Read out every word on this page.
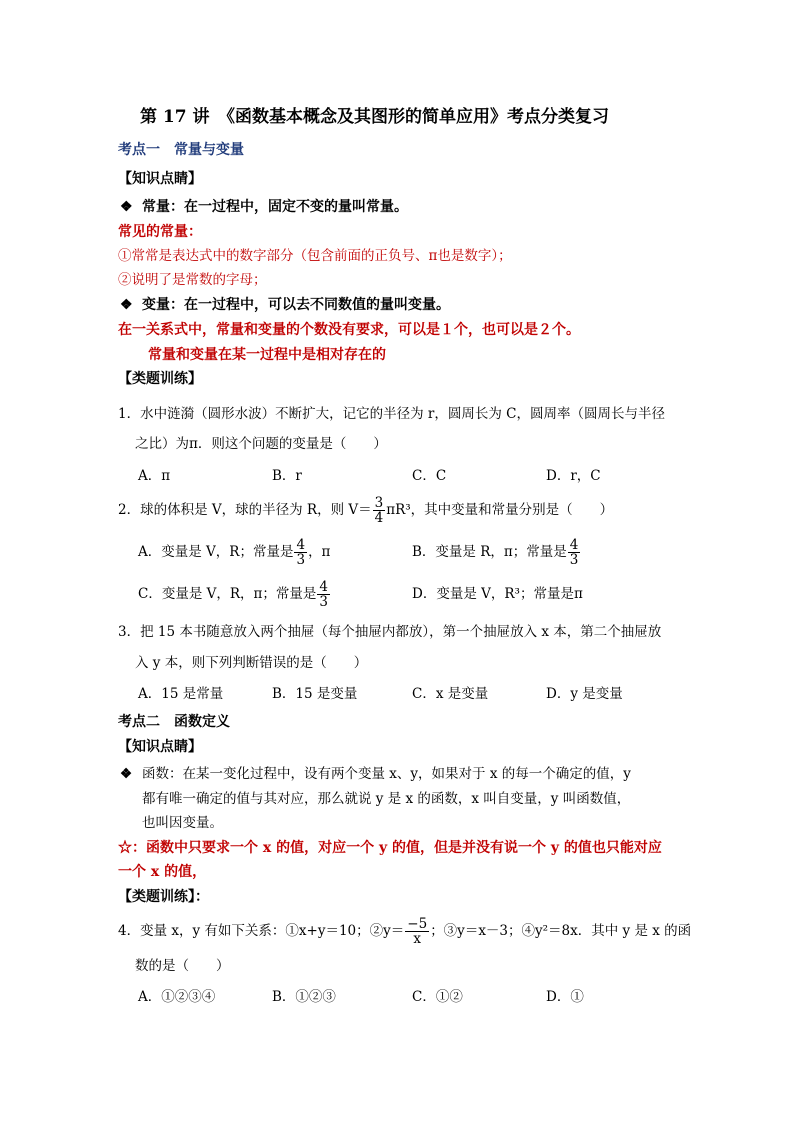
第 17 讲　《函数基本概念及其图形的简单应用》考点分类复习
考点一　常量与变量
【知识点睛】
❖ 常量：在一过程中，固定不变的量叫常量。
常见的常量：
①常常是表达式中的数字部分（包含前面的正负号、π也是数字）；
②说明了是常数的字母；
❖ 变量：在一过程中，可以去不同数值的量叫变量。
在一关系式中，常量和变量的个数没有要求，可以是１个，也可以是２个。
常量和变量在某一过程中是相对存在的
【类题训练】
1．水中涟漪（圆形水波）不断扩大，记它的半径为 r，圆周长为 C，圆周率（圆周长与半径
之比）为π．则这个问题的变量是（　　）
A．π	B．r	C．C	D．r，C
2．球的体积是 V，球的半径为 R，则 $V= \frac{3}{4} \pi R^3$，其中变量和常量分别是（　　）
A．变量是 V，R；常量是 $\frac{4}{3}$ ，π	B．变量是 R，π；常量是 $\frac{4}{3}$
C．变量是 V，R，π；常量是 $\frac{4}{3}$	D．变量是 V，R³；常量是π
3．把 15 本书随意放入两个抽屉（每个抽屉内都放），第一个抽屉放入 x 本，第二个抽屉放
入 y 本，则下列判断错误的是（　　）
A．15 是常量	B．15 是变量	C．x 是变量	D．y 是变量
考点二　函数定义
【知识点睛】
❖ 函数：在某一变化过程中，设有两个变量 x、y，如果对于 x 的每一个确定的值，y
都有唯一确定的值与其对应，那么就说 y 是 x 的函数，x 叫自变量，y 叫函数值，
也叫因变量。
☆：函数中只要求一个 x 的值，对应一个 y 的值，但是并没有说一个 y 的值也只能对应
一个 x 的值，
【类题训练】：
4．变量 x，y 有如下关系：①x+y＝10；②y＝ $\frac{-5}{x}$ ；③y＝x－3；④y²＝8x．其中 y 是 x 的函
数的是（　　）
A．①②③④	B．①②③	C．①②	D．①
